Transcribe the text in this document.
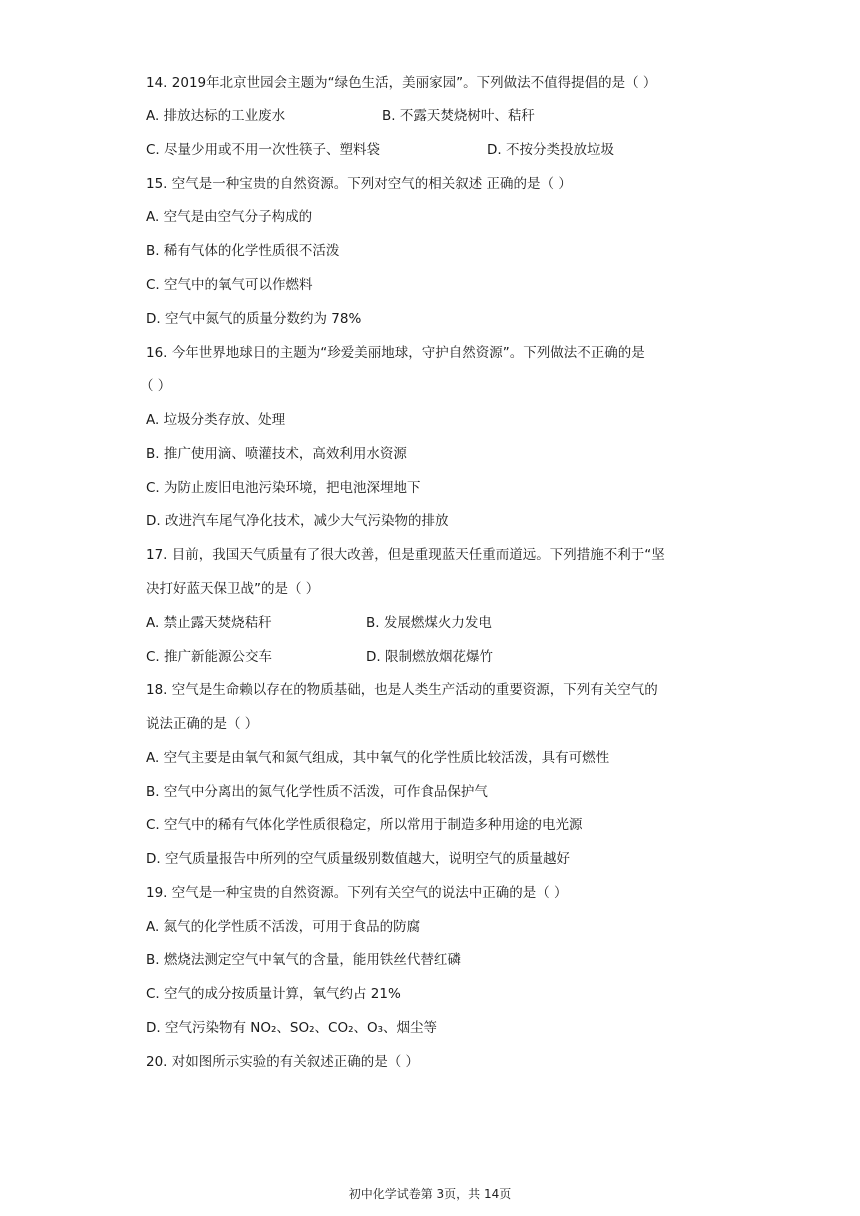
14. 2019年北京世园会主题为“绿色生活，美丽家园”。下列做法不值得提倡的是（ ）
A. 排放达标的工业废水	B. 不露天焚烧树叶、秸秆
C. 尽量少用或不用一次性筷子、塑料袋	D. 不按分类投放垃圾
15. 空气是一种宝贵的自然资源。下列对空气的相关叙述 正确的是（ ）
A. 空气是由空气分子构成的
B. 稀有气体的化学性质很不活泼
C. 空气中的氧气可以作燃料
D. 空气中氮气的质量分数约为 78%
16. 今年世界地球日的主题为“珍爱美丽地球，守护自然资源”。下列做法不正确的是
（ ）
A. 垃圾分类存放、处理
B. 推广使用滴、喷灌技术，高效利用水资源
C. 为防止废旧电池污染环境，把电池深埋地下
D. 改进汽车尾气净化技术，减少大气污染物的排放
17. 目前，我国天气质量有了很大改善，但是重现蓝天任重而道远。下列措施不利于“坚
决打好蓝天保卫战”的是（ ）
A. 禁止露天焚烧秸秆	B. 发展燃煤火力发电
C. 推广新能源公交车	D. 限制燃放烟花爆竹
18. 空气是生命赖以存在的物质基础，也是人类生产活动的重要资源，下列有关空气的
说法正确的是（ ）
A. 空气主要是由氧气和氮气组成，其中氧气的化学性质比较活泼，具有可燃性
B. 空气中分离出的氮气化学性质不活泼，可作食品保护气
C. 空气中的稀有气体化学性质很稳定，所以常用于制造多种用途的电光源
D. 空气质量报告中所列的空气质量级别数值越大，说明空气的质量越好
19. 空气是一种宝贵的自然资源。下列有关空气的说法中正确的是（ ）
A. 氮气的化学性质不活泼，可用于食品的防腐
B. 燃烧法测定空气中氧气的含量，能用铁丝代替红磷
C. 空气的成分按质量计算，氧气约占 21%
D. 空气污染物有 NO₂、SO₂、CO₂、O₃、烟尘等
20. 对如图所示实验的有关叙述正确的是（ ）
初中化学试卷第 3页，共 14页
